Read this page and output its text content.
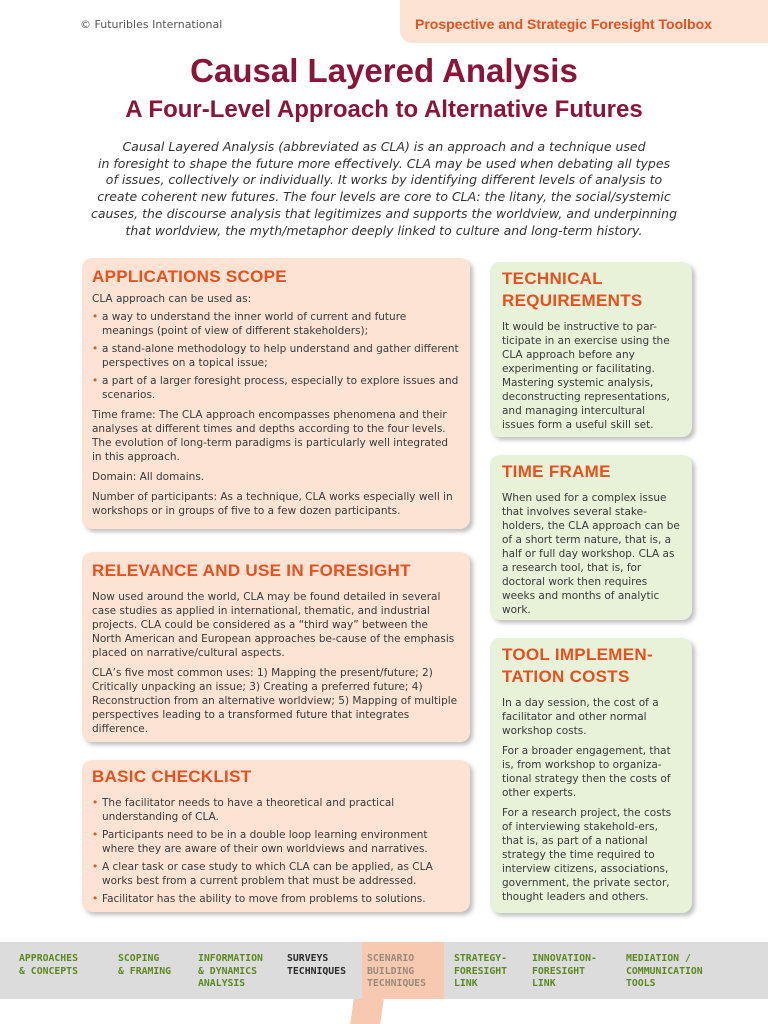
© Futuribles International	Prospective and Strategic Foresight Toolbox
Causal Layered Analysis
A Four-Level Approach to Alternative Futures
Causal Layered Analysis (abbreviated as CLA) is an approach and a technique used
in foresight to shape the future more effectively. CLA may be used when debating all types
of issues, collectively or individually. It works by identifying different levels of analysis to
create coherent new futures. The four levels are core to CLA: the litany, the social/systemic
causes, the discourse analysis that legitimizes and supports the worldview, and underpinning
that worldview, the myth/metaphor deeply linked to culture and long-term history.
APPLICATIONS SCOPE

CLA approach can be used as:

• a way to understand the inner world of current and future meanings (point of view of different stakeholders);
• a stand-alone methodology to help understand and gather different perspectives on a topical issue;
• a part of a larger foresight process, especially to explore issues and scenarios.

Time frame: The CLA approach encompasses phenomena and their analyses at different times and depths according to the four levels. The evolution of long-term paradigms is particularly well integrated in this approach.

Domain: All domains.

Number of participants: As a technique, CLA works especially well in workshops or in groups of five to a few dozen participants.

RELEVANCE AND USE IN FORESIGHT

Now used around the world, CLA may be found detailed in several case studies as applied in international, thematic, and industrial projects. CLA could be considered as a “third way” between the North American and European approaches be-cause of the emphasis placed on narrative/cultural aspects.

CLA’s five most common uses: 1) Mapping the present/future; 2) Critically unpacking an issue; 3) Creating a preferred future; 4) Reconstruction from an alternative worldview; 5) Mapping of multiple perspectives leading to a transformed future that integrates difference.

BASIC CHECKLIST
• The facilitator needs to have a theoretical and practical understanding of CLA.
• Participants need to be in a double loop learning environment where they are aware of their own worldviews and narratives.
• A clear task or case study to which CLA can be applied, as CLA works best from a current problem that must be addressed.
• Facilitator has the ability to move from problems to solutions.
TECHNICAL
REQUIREMENTS

It would be instructive to par-ticipate in an exercise using the CLA approach before any experimenting or facilitating. Mastering systemic analysis, deconstructing representations, and managing intercultural issues form a useful skill set.

TIME FRAME

When used for a complex issue that involves several stake-holders, the CLA approach can be of a short term nature, that is, a half or full day workshop. CLA as a research tool, that is, for doctoral work then requires weeks and months of analytic work.

TOOL IMPLEMEN-
TATION COSTS

In a day session, the cost of a facilitator and other normal workshop costs.

For a broader engagement, that is, from workshop to organiza-tional strategy then the costs of other experts.

For a research project, the costs of interviewing stakehold-ers, that is, as part of a national strategy the time required to interview citizens, associations, government, the private sector, thought leaders and others.

APPROACHES
& CONCEPTS
SCOPING
& FRAMING
INFORMATION
& DYNAMICS
ANALYSIS
SURVEYS
TECHNIQUES
SCENARIO
BUILDING
TECHNIQUES
STRATEGY-
FORESIGHT
LINK
INNOVATION-
FORESIGHT
LINK
MEDIATION /
COMMUNICATION
TOOLS
